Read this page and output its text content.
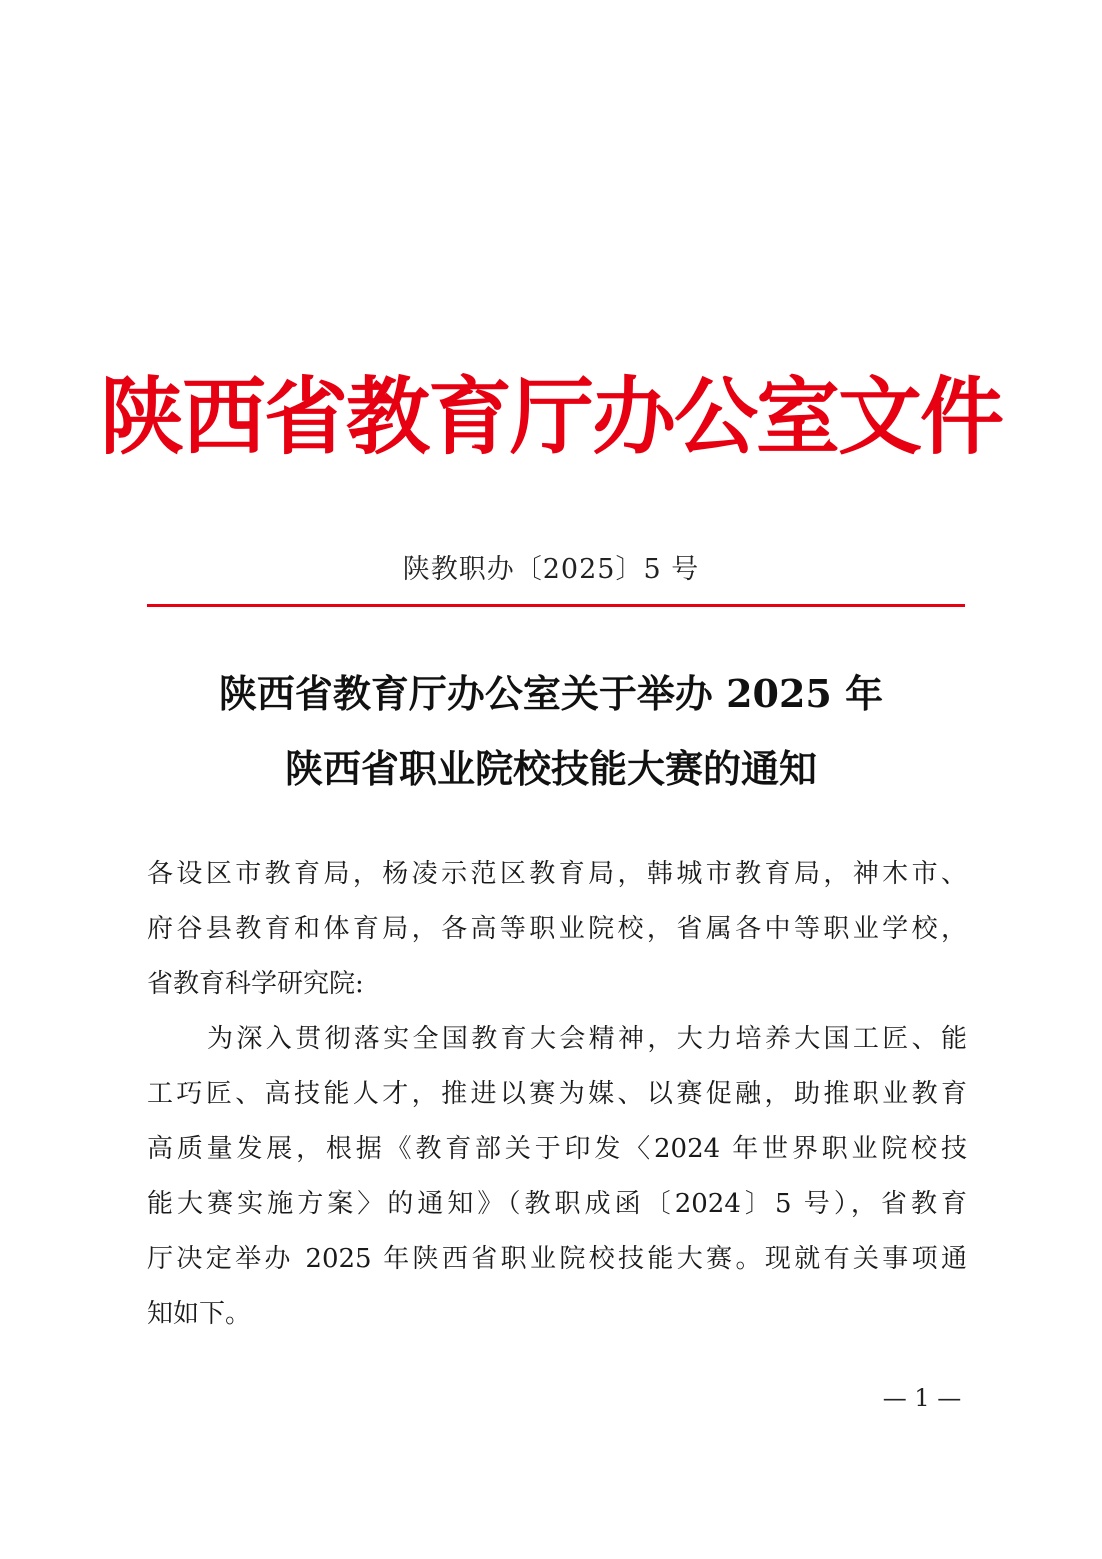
陕西省教育厅办公室文件
陕教职办〔2025〕5 号
陕西省教育厅办公室关于举办 2025 年
陕西省职业院校技能大赛的通知
各设区市教育局，杨凌示范区教育局，韩城市教育局，神木市、
府谷县教育和体育局，各高等职业院校，省属各中等职业学校，
省教育科学研究院:
为深入贯彻落实全国教育大会精神，大力培养大国工匠、能
工巧匠、高技能人才，推进以赛为媒、以赛促融，助推职业教育
高质量发展，根据《教育部关于印发〈2024 年世界职业院校技
能大赛实施方案〉的通知》（教职成函〔2024〕5 号），省教育
厅决定举办 2025 年陕西省职业院校技能大赛。现就有关事项通
知如下。
— 1 —
